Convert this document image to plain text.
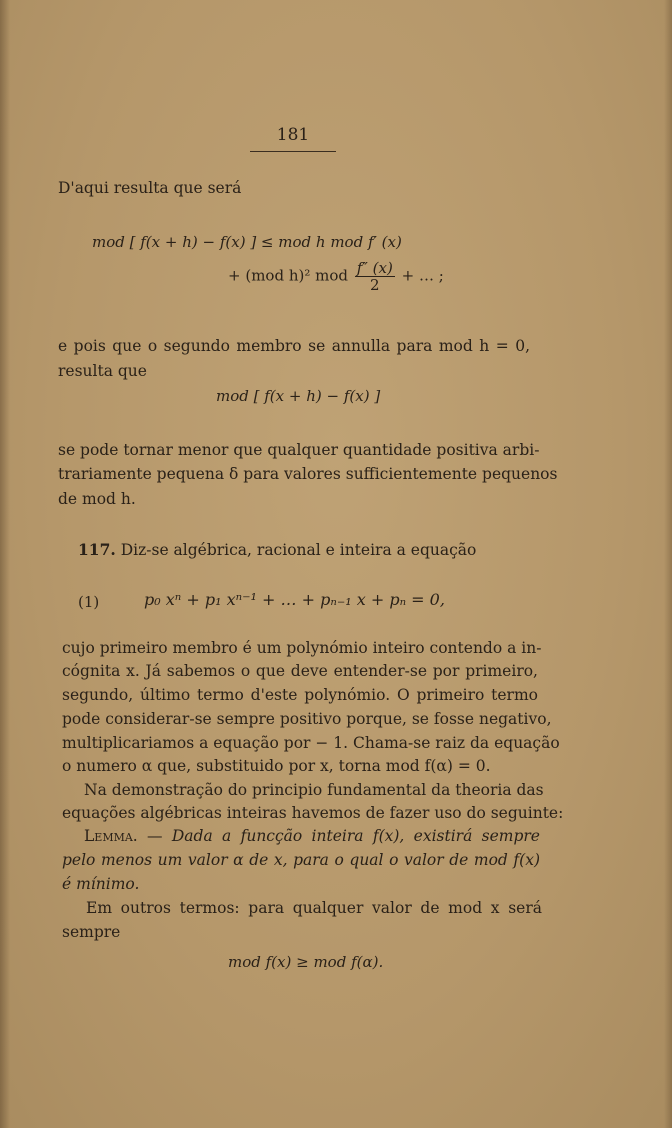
181
D'aqui resulta que será
mod [ f(x + h) − f(x) ] ≤ mod h mod f′ (x)
+ (mod h)² mod $\frac{f'' (x)}{2}$ + … ;
e pois que o segundo membro se annulla para mod h = 0,
resulta que
mod [ f(x + h) − f(x) ]
se pode tornar menor que qualquer quantidade positiva arbi-
trariamente pequena δ para valores sufficientemente pequenos
de mod h.
117. Diz-se algébrica, racional e inteira a equação
(1)	p₀ xⁿ + p₁ xⁿ⁻¹ + … + pₙ₋₁ x + pₙ = 0,
cujo primeiro membro é um polynómio inteiro contendo a in-
cógnita x. Já sabemos o que deve entender-se por primeiro,
segundo, último termo d'este polynómio. O primeiro termo
pode considerar-se sempre positivo porque, se fosse negativo,
multiplicariamos a equação por − 1. Chama-se raiz da equação
o numero α que, substituido por x, torna mod f(α) = 0.
Na demonstração do principio fundamental da theoria das
equações algébricas inteiras havemos de fazer uso do seguinte:
Lemma. — Dada a funcção inteira f(x), existirá sempre
pelo menos um valor α de x, para o qual o valor de mod f(x)
é mínimo.
Em outros termos: para qualquer valor de mod x será
sempre
mod f(x) ≥ mod f(α).
